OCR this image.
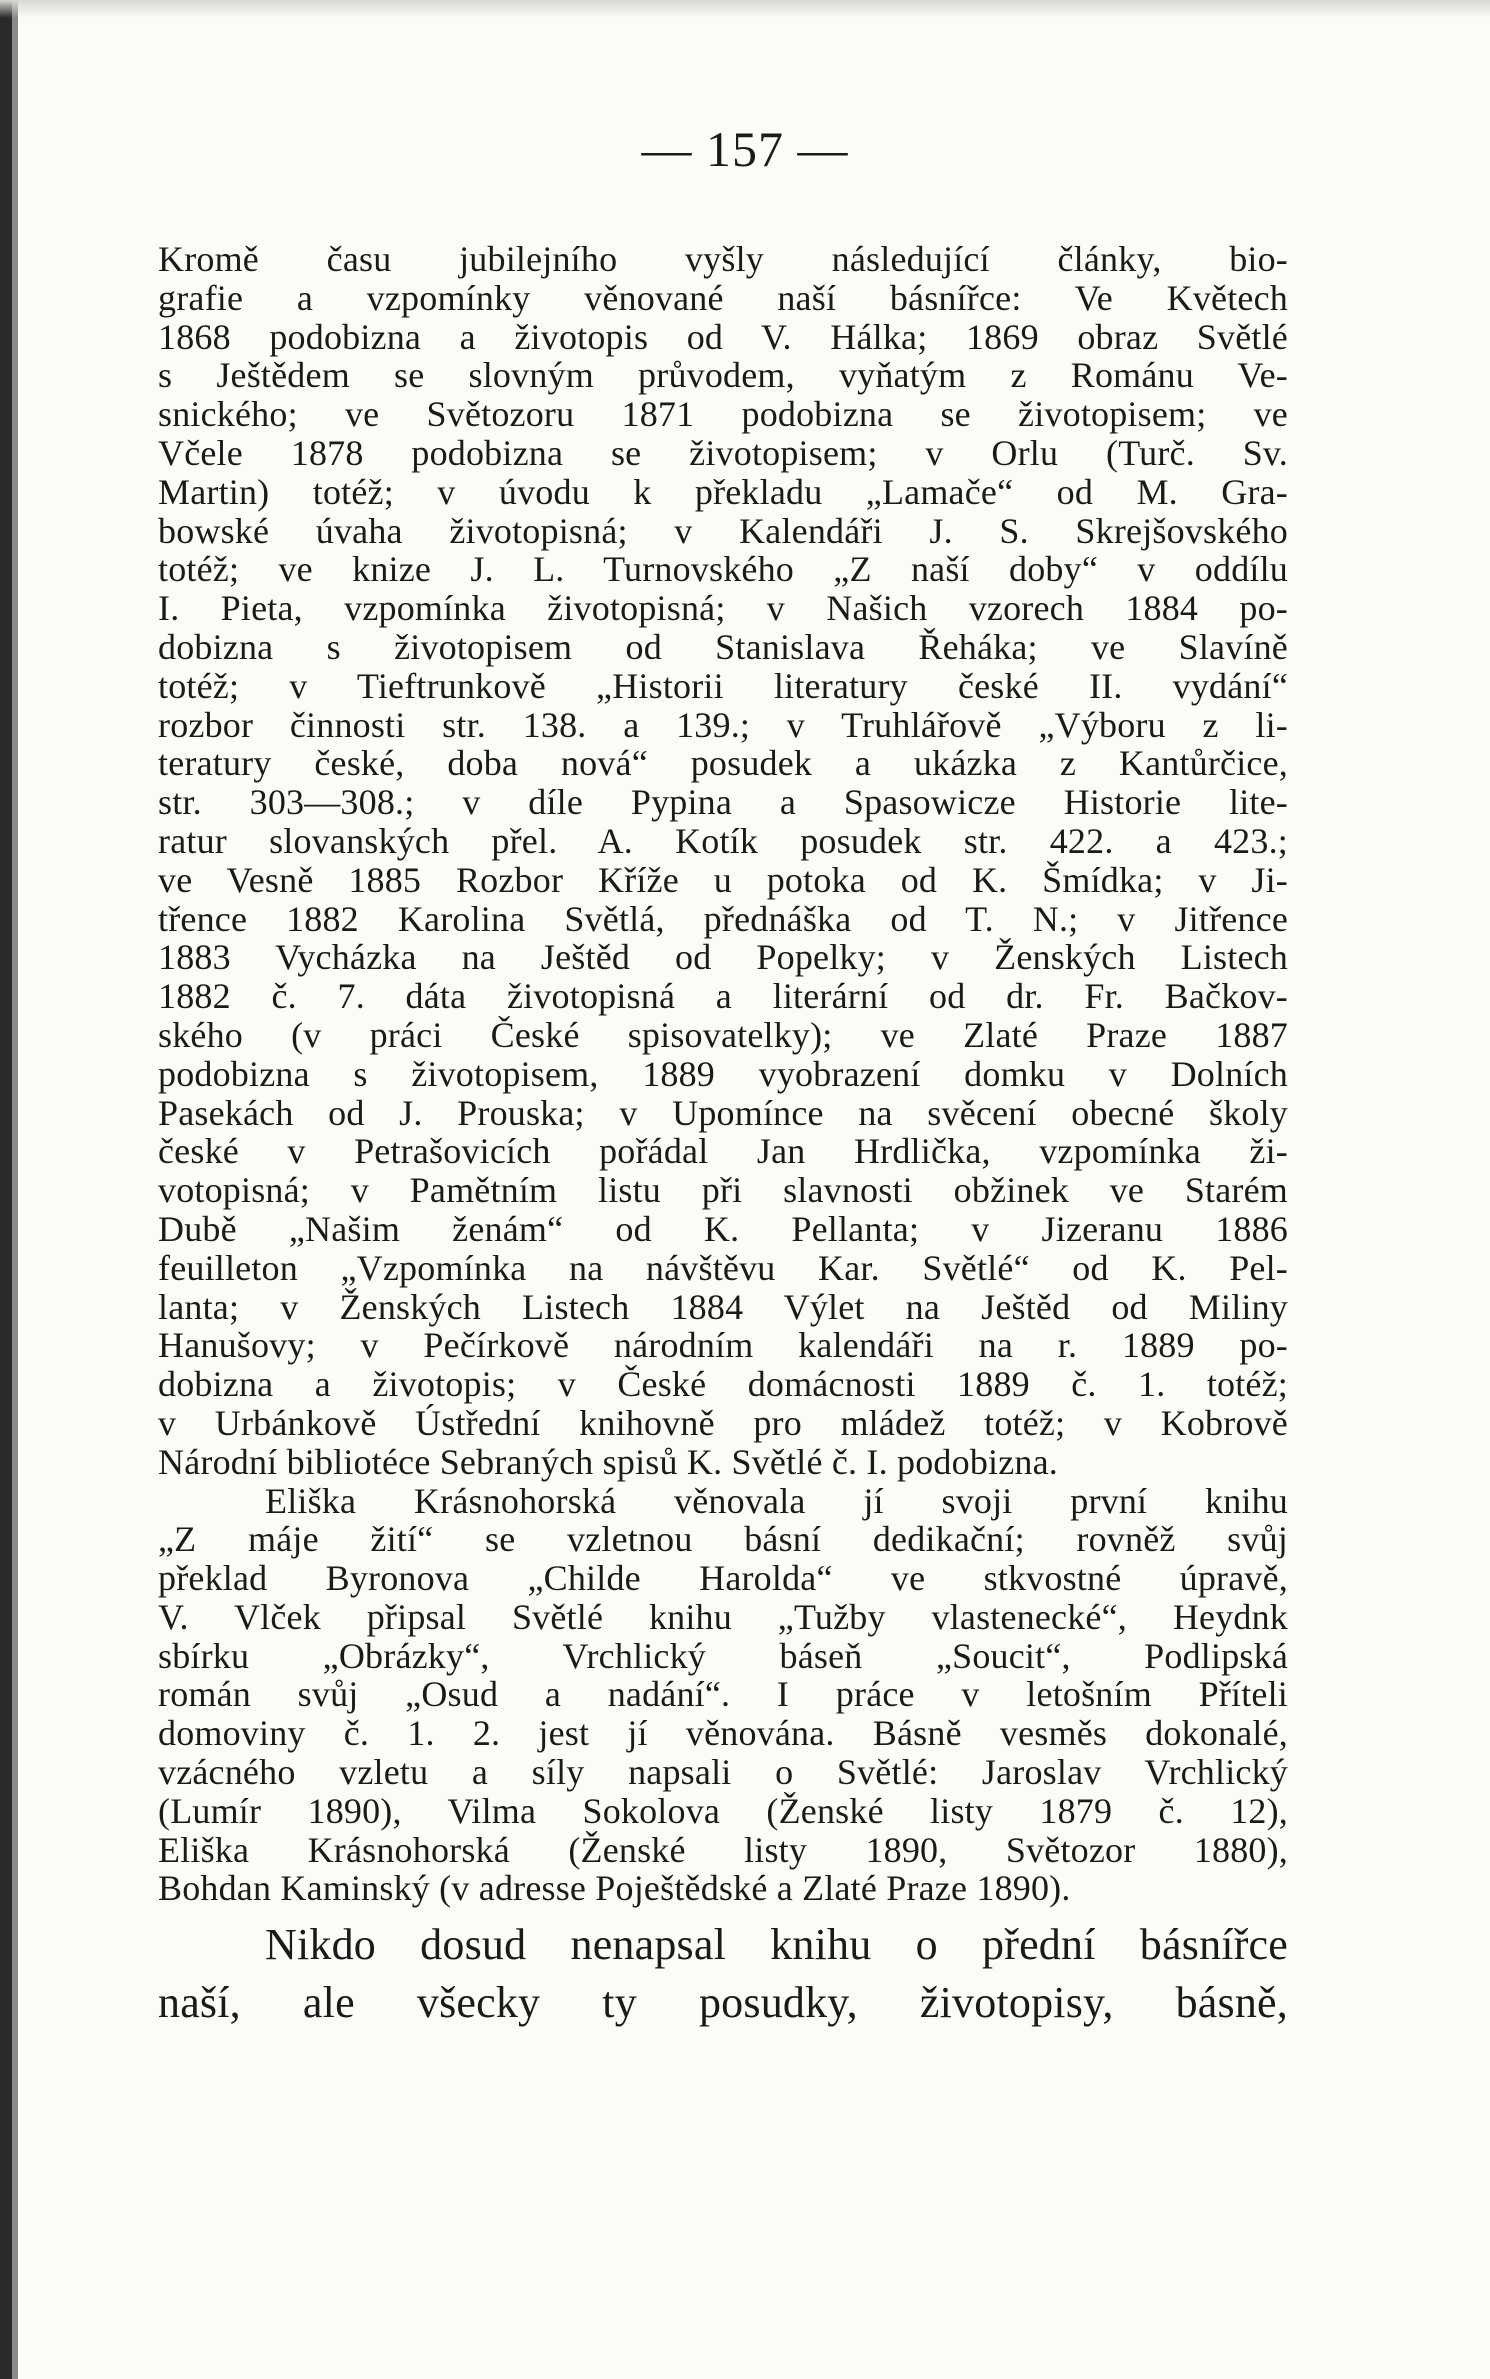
— 157 —
Kromě času jubilejního vyšly následující články, bio-
grafie a vzpomínky věnované naší básnířce: Ve Květech
1868 podobizna a životopis od V. Hálka; 1869 obraz Světlé
s Ještědem se slovným průvodem, vyňatým z Románu Ve-
snického; ve Světozoru 1871 podobizna se životopisem; ve
Včele 1878 podobizna se životopisem; v Orlu (Turč. Sv.
Martin) totéž; v úvodu k překladu „Lamače“ od M. Gra-
bowské úvaha životopisná; v Kalendáři J. S. Skrejšovského
totéž; ve knize J. L. Turnovského „Z naší doby“ v oddílu
I. Pieta, vzpomínka životopisná; v Našich vzorech 1884 po-
dobizna s životopisem od Stanislava Řeháka; ve Slavíně
totéž; v Tieftrunkově „Historii literatury české II. vydání“
rozbor činnosti str. 138. a 139.; v Truhlářově „Výboru z li-
teratury české, doba nová“ posudek a ukázka z Kantůrčice,
str. 303—308.; v díle Pypina a Spasowicze Historie lite-
ratur slovanských přel. A. Kotík posudek str. 422. a 423.;
ve Vesně 1885 Rozbor Kříže u potoka od K. Šmídka; v Ji-
třence 1882 Karolina Světlá, přednáška od T. N.; v Jitřence
1883 Vycházka na Ještěd od Popelky; v Ženských Listech
1882 č. 7. dáta životopisná a literární od dr. Fr. Bačkov-
ského (v práci České spisovatelky); ve Zlaté Praze 1887
podobizna s životopisem, 1889 vyobrazení domku v Dolních
Pasekách od J. Prouska; v Upomínce na svěcení obecné školy
české v Petrašovicích pořádal Jan Hrdlička, vzpomínka ži-
votopisná; v Pamětním listu při slavnosti obžinek ve Starém
Dubě „Našim ženám“ od K. Pellanta; v Jizeranu 1886
feuilleton „Vzpomínka na návštěvu Kar. Světlé“ od K. Pel-
lanta; v Ženských Listech 1884 Výlet na Ještěd od Miliny
Hanušovy; v Pečírkově národním kalendáři na r. 1889 po-
dobizna a životopis; v České domácnosti 1889 č. 1. totéž;
v Urbánkově Ústřední knihovně pro mládež totéž; v Kobrově
Národní bibliotéce Sebraných spisů K. Světlé č. I. podobizna.
Eliška Krásnohorská věnovala jí svoji první knihu
„Z máje žití“ se vzletnou básní dedikační; rovněž svůj
překlad Byronova „Childe Harolda“ ve stkvostné úpravě,
V. Vlček připsal Světlé knihu „Tužby vlastenecké“, Heydnk
sbírku „Obrázky“, Vrchlický báseň „Soucit“, Podlipská
román svůj „Osud a nadání“. I práce v letošním Příteli
domoviny č. 1. 2. jest jí věnována. Básně vesměs dokonalé,
vzácného vzletu a síly napsali o Světlé: Jaroslav Vrchlický
(Lumír 1890), Vilma Sokolova (Ženské listy 1879 č. 12),
Eliška Krásnohorská (Ženské listy 1890, Světozor 1880),
Bohdan Kaminský (v adresse Poještědské a Zlaté Praze 1890).
Nikdo dosud nenapsal knihu o přední básnířce
naší, ale všecky ty posudky, životopisy, básně,
